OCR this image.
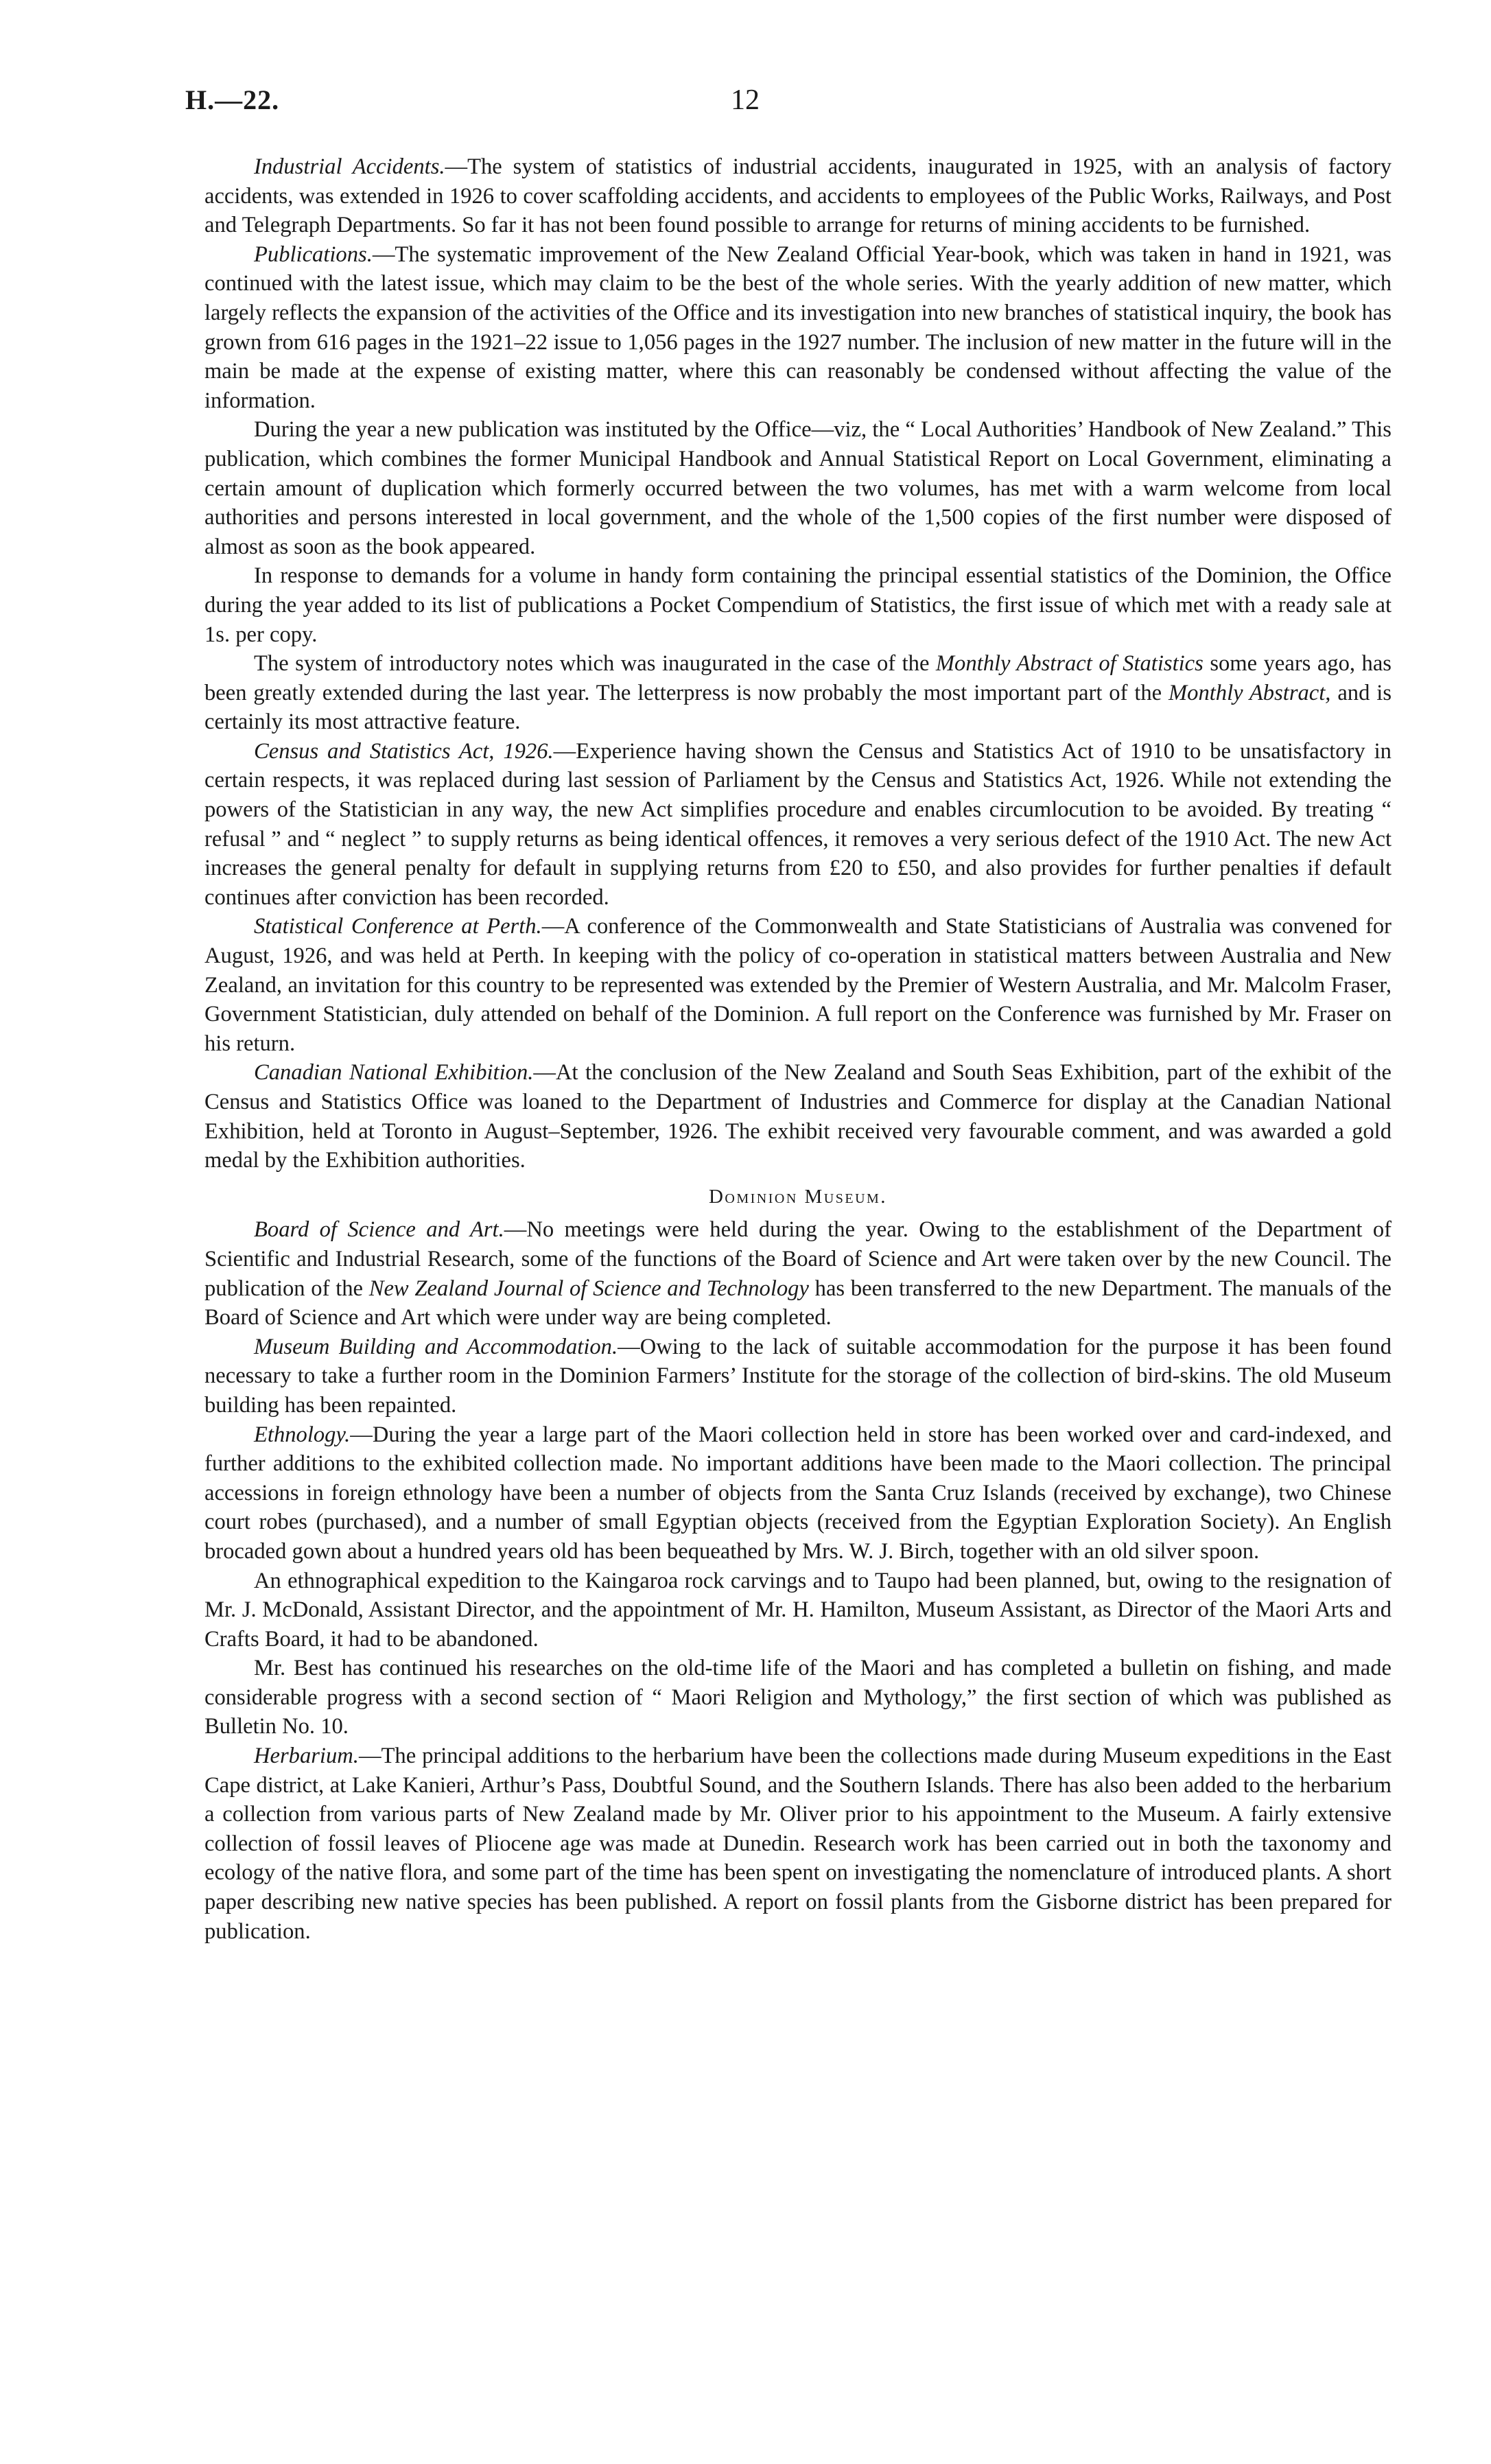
H.—22.	12

Industrial Accidents.—The system of statistics of industrial accidents, inaugurated in 1925, with an analysis of factory accidents, was extended in 1926 to cover scaffolding accidents, and accidents to employees of the Public Works, Railways, and Post and Telegraph Departments. So far it has not been found possible to arrange for returns of mining accidents to be furnished.

Publications.—The systematic improvement of the New Zealand Official Year-book, which was taken in hand in 1921, was continued with the latest issue, which may claim to be the best of the whole series. With the yearly addition of new matter, which largely reflects the expansion of the activities of the Office and its investigation into new branches of statistical inquiry, the book has grown from 616 pages in the 1921–22 issue to 1,056 pages in the 1927 number. The inclusion of new matter in the future will in the main be made at the expense of existing matter, where this can reasonably be condensed without affecting the value of the information.

During the year a new publication was instituted by the Office—viz, the “ Local Authorities’ Handbook of New Zealand.” This publication, which combines the former Municipal Handbook and Annual Statistical Report on Local Government, eliminating a certain amount of duplication which formerly occurred between the two volumes, has met with a warm welcome from local authorities and persons interested in local government, and the whole of the 1,500 copies of the first number were disposed of almost as soon as the book appeared.

In response to demands for a volume in handy form containing the principal essential statistics of the Dominion, the Office during the year added to its list of publications a Pocket Compendium of Statistics, the first issue of which met with a ready sale at 1s. per copy.

The system of introductory notes which was inaugurated in the case of the Monthly Abstract of Statistics some years ago, has been greatly extended during the last year. The letterpress is now probably the most important part of the Monthly Abstract, and is certainly its most attractive feature.

Census and Statistics Act, 1926.—Experience having shown the Census and Statistics Act of 1910 to be unsatisfactory in certain respects, it was replaced during last session of Parliament by the Census and Statistics Act, 1926. While not extending the powers of the Statistician in any way, the new Act simplifies procedure and enables circumlocution to be avoided. By treating “ refusal ” and “ neglect ” to supply returns as being identical offences, it removes a very serious defect of the 1910 Act. The new Act increases the general penalty for default in supplying returns from £20 to £50, and also provides for further penalties if default continues after conviction has been recorded.

Statistical Conference at Perth.—A conference of the Commonwealth and State Statisticians of Australia was convened for August, 1926, and was held at Perth. In keeping with the policy of co-operation in statistical matters between Australia and New Zealand, an invitation for this country to be represented was extended by the Premier of Western Australia, and Mr. Malcolm Fraser, Government Statistician, duly attended on behalf of the Dominion. A full report on the Conference was furnished by Mr. Fraser on his return.

Canadian National Exhibition.—At the conclusion of the New Zealand and South Seas Exhibition, part of the exhibit of the Census and Statistics Office was loaned to the Department of Industries and Commerce for display at the Canadian National Exhibition, held at Toronto in August–September, 1926. The exhibit received very favourable comment, and was awarded a gold medal by the Exhibition authorities.

Dominion Museum.

Board of Science and Art.—No meetings were held during the year. Owing to the establishment of the Department of Scientific and Industrial Research, some of the functions of the Board of Science and Art were taken over by the new Council. The publication of the New Zealand Journal of Science and Technology has been transferred to the new Department. The manuals of the Board of Science and Art which were under way are being completed.

Museum Building and Accommodation.—Owing to the lack of suitable accommodation for the purpose it has been found necessary to take a further room in the Dominion Farmers’ Institute for the storage of the collection of bird-skins. The old Museum building has been repainted.

Ethnology.—During the year a large part of the Maori collection held in store has been worked over and card-indexed, and further additions to the exhibited collection made. No important additions have been made to the Maori collection. The principal accessions in foreign ethnology have been a number of objects from the Santa Cruz Islands (received by exchange), two Chinese court robes (purchased), and a number of small Egyptian objects (received from the Egyptian Exploration Society). An English brocaded gown about a hundred years old has been bequeathed by Mrs. W. J. Birch, together with an old silver spoon.

An ethnographical expedition to the Kaingaroa rock carvings and to Taupo had been planned, but, owing to the resignation of Mr. J. McDonald, Assistant Director, and the appointment of Mr. H. Hamilton, Museum Assistant, as Director of the Maori Arts and Crafts Board, it had to be abandoned.

Mr. Best has continued his researches on the old-time life of the Maori and has completed a bulletin on fishing, and made considerable progress with a second section of “ Maori Religion and Mythology,” the first section of which was published as Bulletin No. 10.

Herbarium.—The principal additions to the herbarium have been the collections made during Museum expeditions in the East Cape district, at Lake Kanieri, Arthur’s Pass, Doubtful Sound, and the Southern Islands. There has also been added to the herbarium a collection from various parts of New Zealand made by Mr. Oliver prior to his appointment to the Museum. A fairly extensive collection of fossil leaves of Pliocene age was made at Dunedin. Research work has been carried out in both the taxonomy and ecology of the native flora, and some part of the time has been spent on investigating the nomenclature of introduced plants. A short paper describing new native species has been published. A report on fossil plants from the Gisborne district has been prepared for publication.
